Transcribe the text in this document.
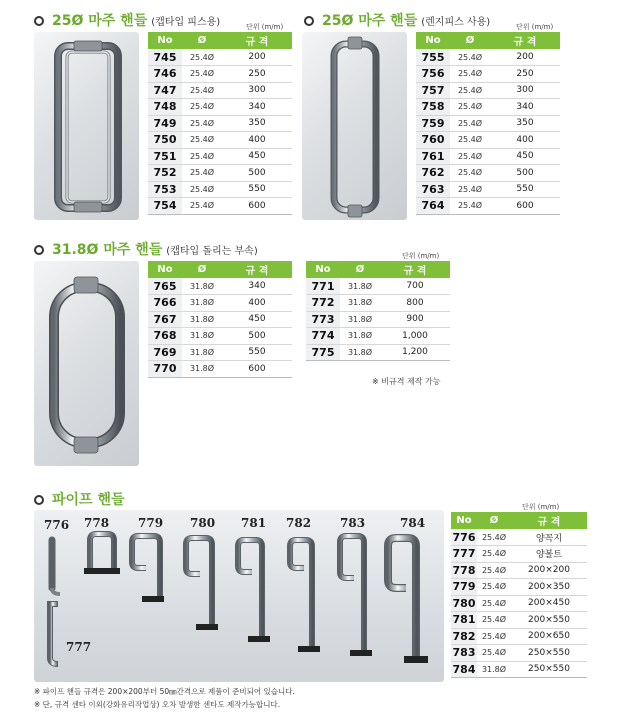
25Ø 마주 핸들 (캡타입 피스용)	단위 (m/m)
No	Ø	규 격
745	25.4Ø	200
746	25.4Ø	250
747	25.4Ø	300
748	25.4Ø	340
749	25.4Ø	350
750	25.4Ø	400
751	25.4Ø	450
752	25.4Ø	500
753	25.4Ø	550
754	25.4Ø	600
25Ø 마주 핸들 (렌지피스 사용)	단위 (m/m)
No	Ø	규 격
755	25.4Ø	200
756	25.4Ø	250
757	25.4Ø	300
758	25.4Ø	340
759	25.4Ø	350
760	25.4Ø	400
761	25.4Ø	450
762	25.4Ø	500
763	25.4Ø	550
764	25.4Ø	600
31.8Ø 마주 핸들 (캡타입 돌리는 부속)	단위 (m/m)
No	Ø	규 격
765	31.8Ø	340
766	31.8Ø	400
767	31.8Ø	450
768	31.8Ø	500
769	31.8Ø	550
770	31.8Ø	600
No	Ø	규 격
771	31.8Ø	700
772	31.8Ø	800
773	31.8Ø	900
774	31.8Ø	1,000
775	31.8Ø	1,200
※ 비규격 제작 가능
파이프 핸들	단위 (m/m)
776 778 779 780 781 782 783	784
777
No	Ø	규 격
776	25.4Ø	양꼭지
777	25.4Ø	양볼트
778	25.4Ø	200×200
779	25.4Ø	200×350
780	25.4Ø	200×450
781	25.4Ø	200×550
782	25.4Ø	200×650
783	25.4Ø	250×550
784	31.8Ø	250×550
※ 파이프 핸들 규격은 200×200부터 50㎜간격으로 제품이 준비되어 있습니다.
※ 단, 규격 센타 이외(강화유리작업상) 오차 발생한 센타도 제작가능합니다.
